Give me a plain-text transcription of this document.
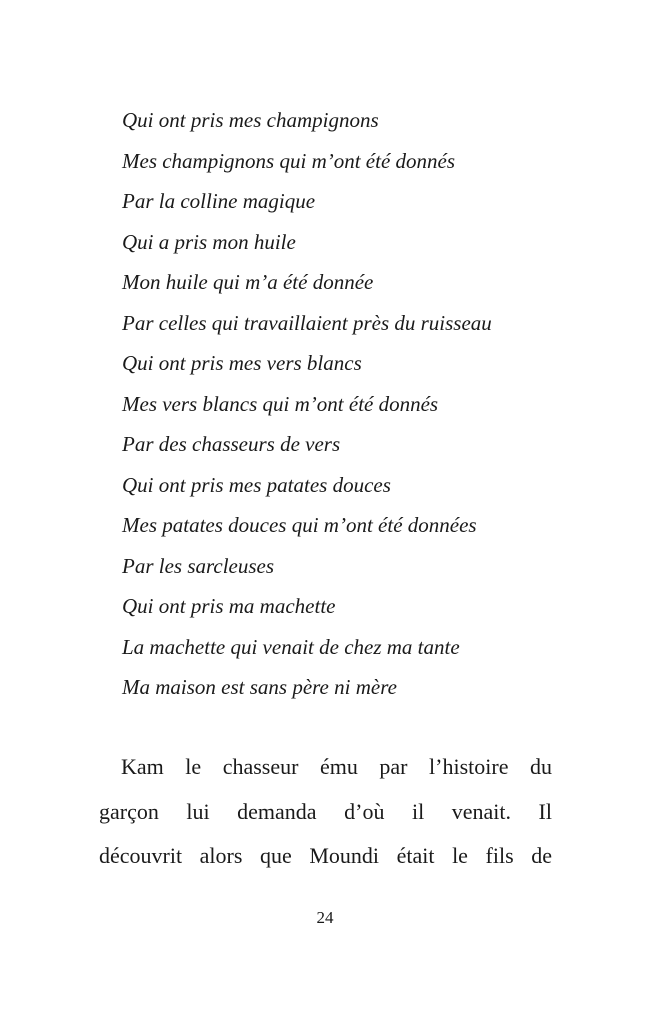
Qui ont pris mes champignons
Mes champignons qui m’ont été donnés
Par la colline magique
Qui a pris mon huile
Mon huile qui m’a été donnée
Par celles qui travaillaient près du ruisseau
Qui ont pris mes vers blancs
Mes vers blancs qui m’ont été donnés
Par des chasseurs de vers
Qui ont pris mes patates douces
Mes patates douces qui m’ont été données
Par les sarcleuses
Qui ont pris ma machette
La machette qui venait de chez ma tante
Ma maison est sans père ni mère
Kam le chasseur ému par l’histoire du
garçon lui demanda d’où il venait. Il
découvrit alors que Moundi était le fils de
24
